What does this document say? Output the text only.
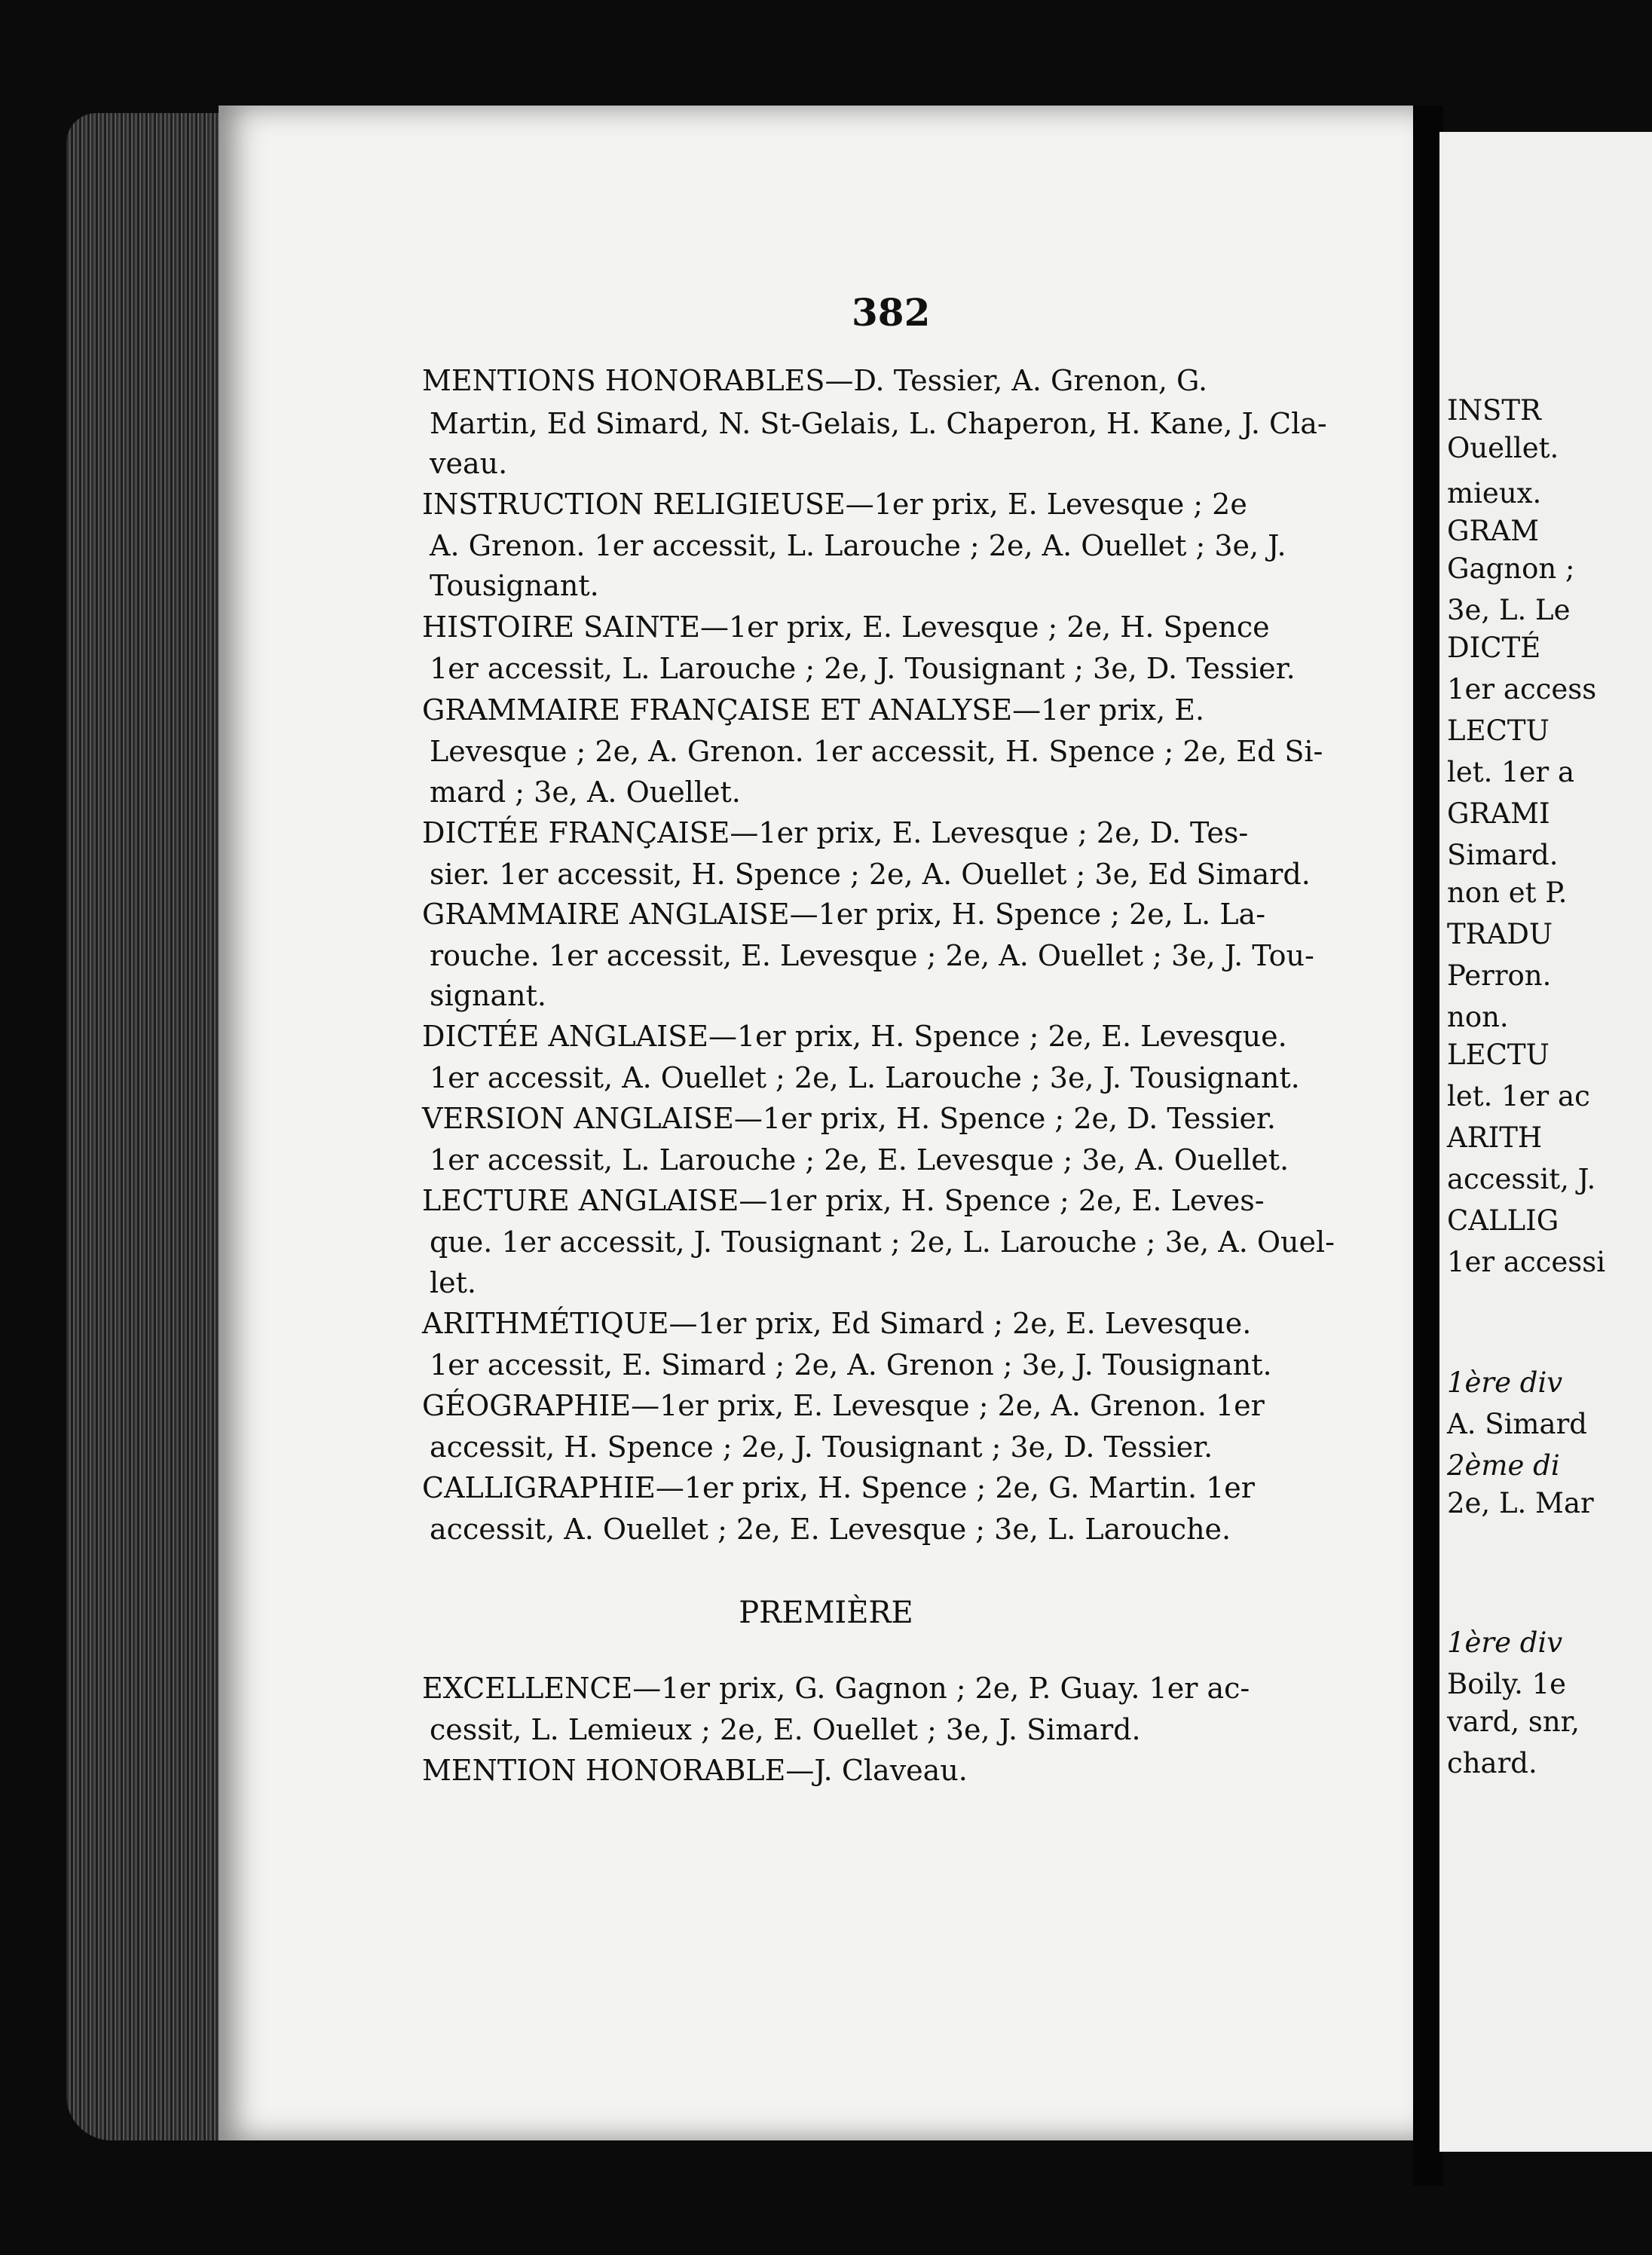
INSTR
Ouellet.
mieux.
GRAM
Gagnon ;
3e, L. Le
DICTÉ
1er access
LECTU
let. 1er a
GRAMI
Simard.
non et P.
TRADU
Perron.
non.
LECTU
let. 1er ac
ARITH
accessit, J.
CALLIG
1er accessi
1ère div
A. Simard
2ème di
2e, L. Mar
1ère div
Boily. 1e
vard, snr,
chard.
382
MENTIONS HONORABLES—D. Tessier, A. Grenon, G.
Martin, Ed Simard, N. St-Gelais, L. Chaperon, H. Kane, J. Cla-
veau.
INSTRUCTION RELIGIEUSE—1er prix, E. Levesque ; 2e
A. Grenon. 1er accessit, L. Larouche ; 2e, A. Ouellet ; 3e, J.
Tousignant.
HISTOIRE SAINTE—1er prix, E. Levesque ; 2e, H. Spence
1er accessit, L. Larouche ; 2e, J. Tousignant ; 3e, D. Tessier.
GRAMMAIRE FRANÇAISE ET ANALYSE—1er prix, E.
Levesque ; 2e, A. Grenon. 1er accessit, H. Spence ; 2e, Ed Si-
mard ; 3e, A. Ouellet.
DICTÉE FRANÇAISE—1er prix, E. Levesque ; 2e, D. Tes-
sier. 1er accessit, H. Spence ; 2e, A. Ouellet ; 3e, Ed Simard.
GRAMMAIRE ANGLAISE—1er prix, H. Spence ; 2e, L. La-
rouche. 1er accessit, E. Levesque ; 2e, A. Ouellet ; 3e, J. Tou-
signant.
DICTÉE ANGLAISE—1er prix, H. Spence ; 2e, E. Levesque.
1er accessit, A. Ouellet ; 2e, L. Larouche ; 3e, J. Tousignant.
VERSION ANGLAISE—1er prix, H. Spence ; 2e, D. Tessier.
1er accessit, L. Larouche ; 2e, E. Levesque ; 3e, A. Ouellet.
LECTURE ANGLAISE—1er prix, H. Spence ; 2e, E. Leves-
que. 1er accessit, J. Tousignant ; 2e, L. Larouche ; 3e, A. Ouel-
let.
ARITHMÉTIQUE—1er prix, Ed Simard ; 2e, E. Levesque.
1er accessit, E. Simard ; 2e, A. Grenon ; 3e, J. Tousignant.
GÉOGRAPHIE—1er prix, E. Levesque ; 2e, A. Grenon. 1er
accessit, H. Spence ; 2e, J. Tousignant ; 3e, D. Tessier.
CALLIGRAPHIE—1er prix, H. Spence ; 2e, G. Martin. 1er
accessit, A. Ouellet ; 2e, E. Levesque ; 3e, L. Larouche.
PREMIÈRE
EXCELLENCE—1er prix, G. Gagnon ; 2e, P. Guay. 1er ac-
cessit, L. Lemieux ; 2e, E. Ouellet ; 3e, J. Simard.
MENTION HONORABLE—J. Claveau.
